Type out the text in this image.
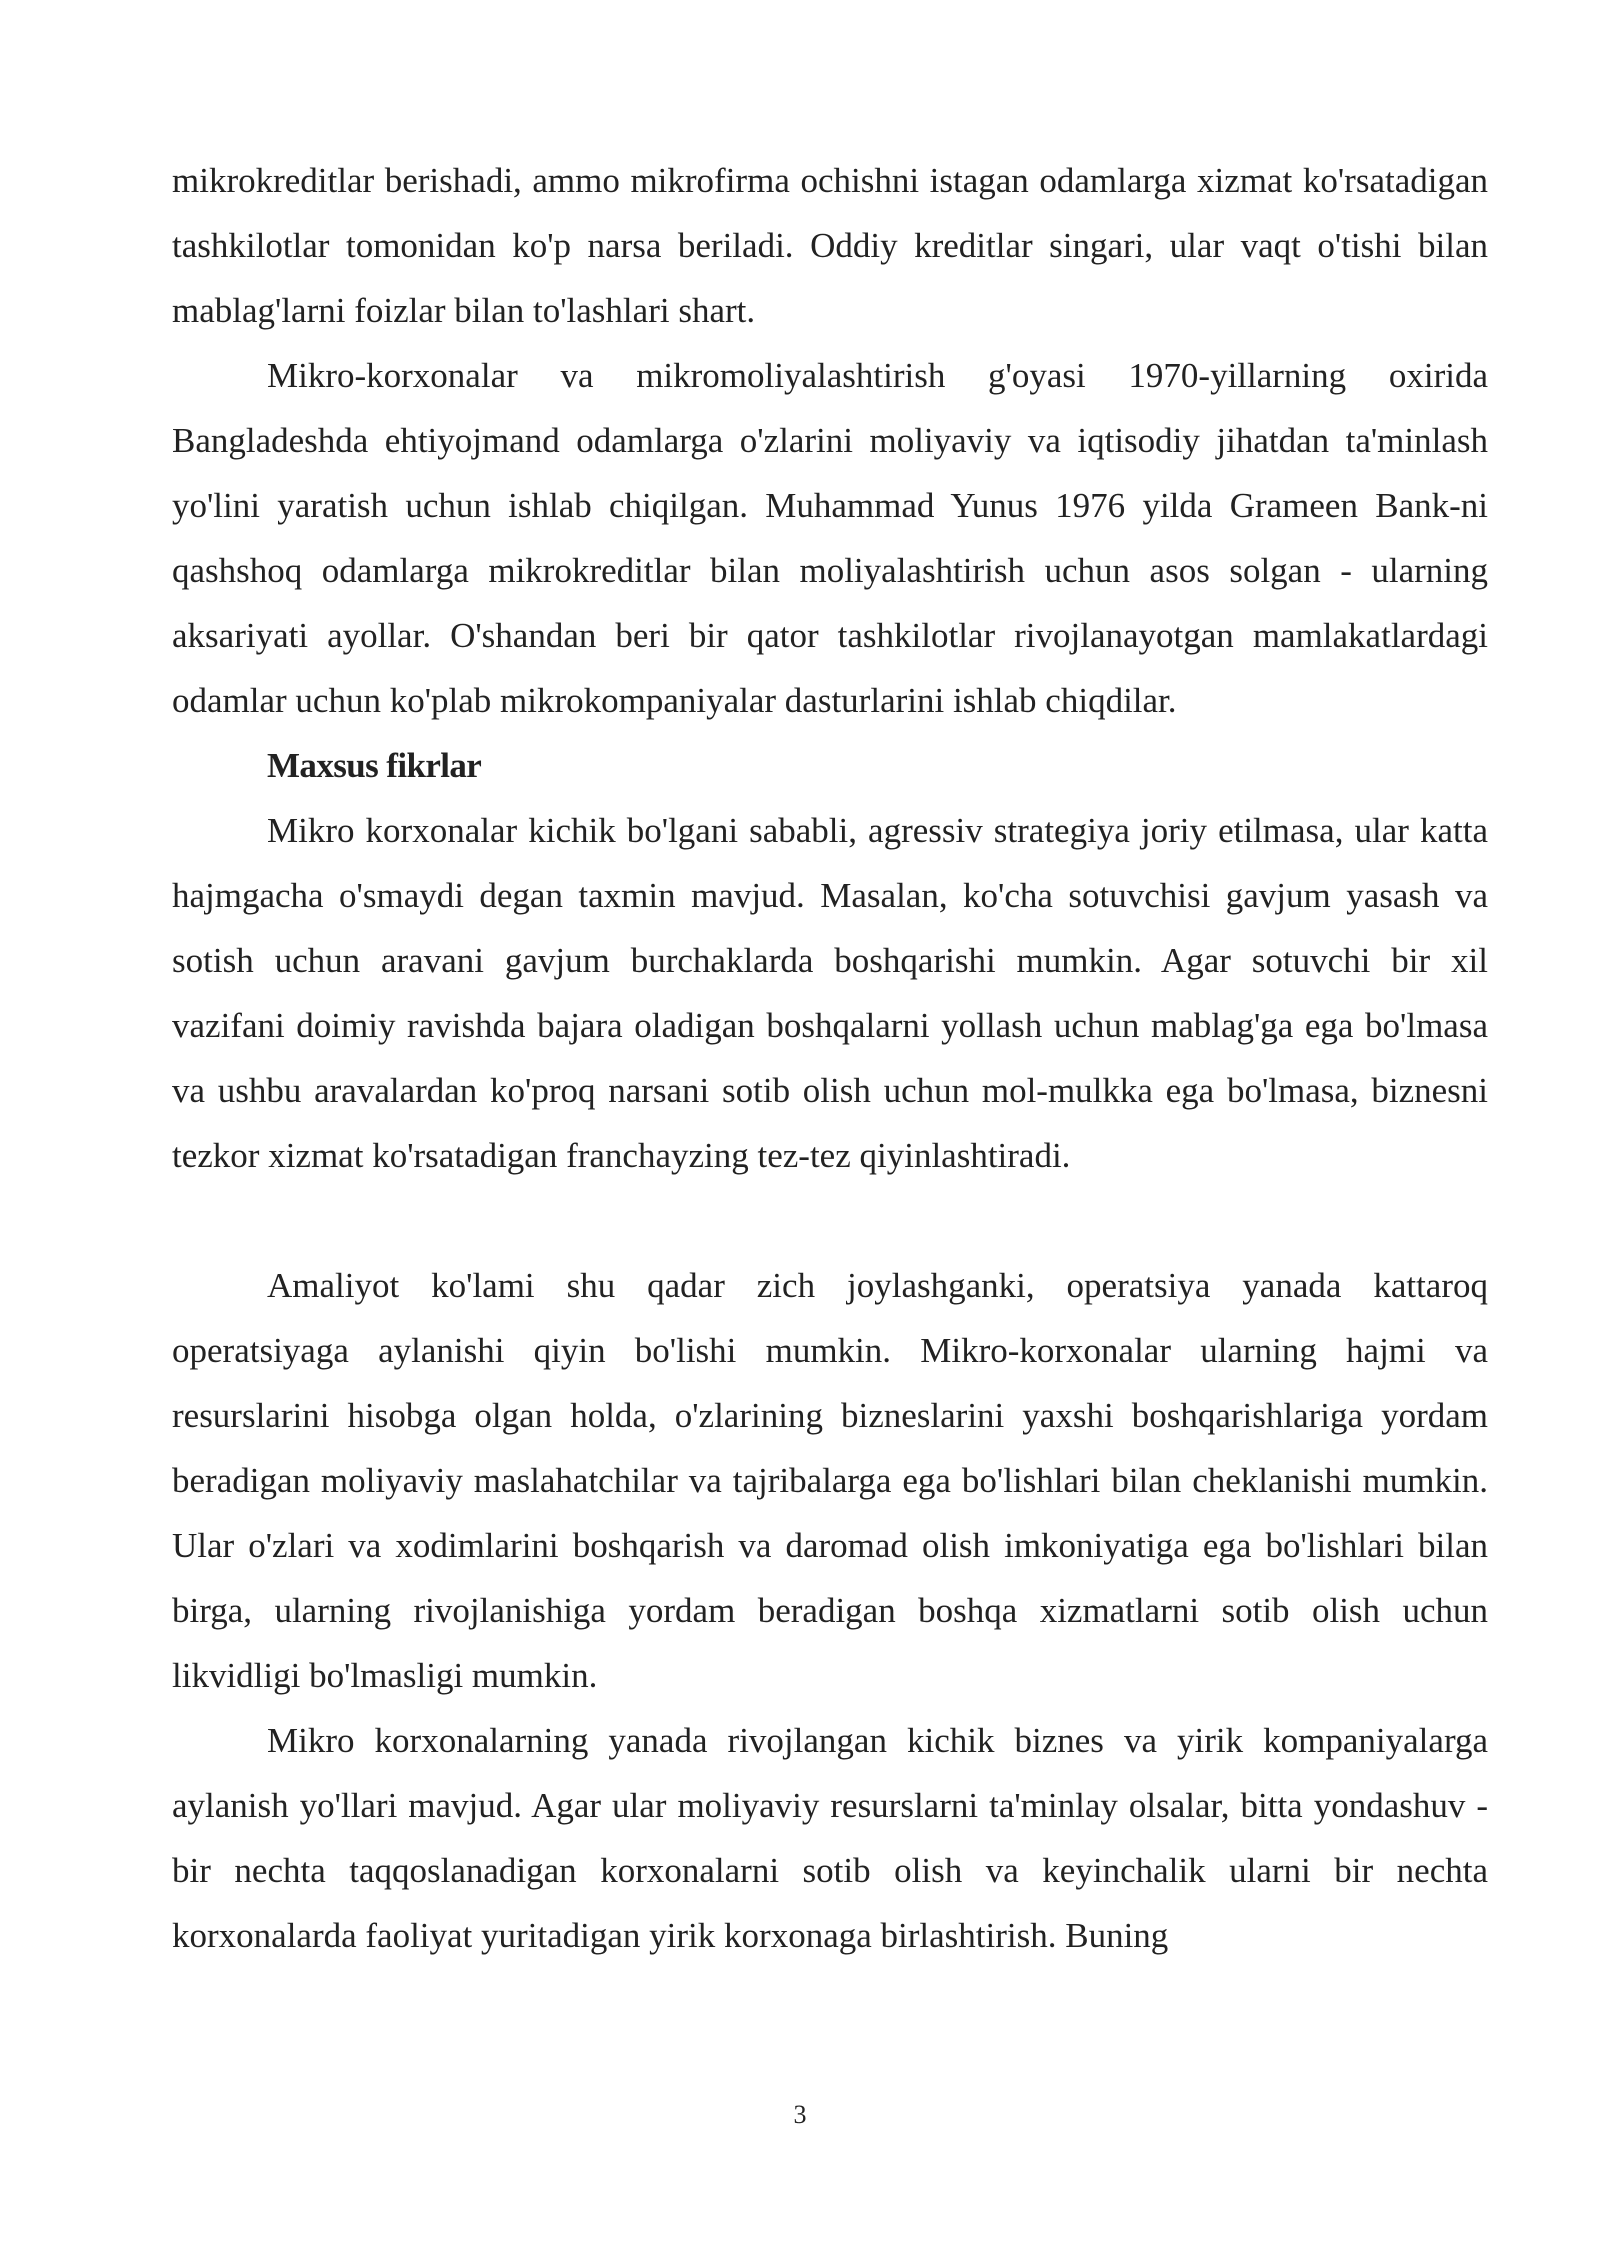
mikrokreditlar berishadi, ammo mikrofirma ochishni istagan odamlarga xizmat ko'rsatadigan tashkilotlar tomonidan ko'p narsa beriladi. Oddiy kreditlar singari, ular vaqt o'tishi bilan mablag'larni foizlar bilan to'lashlari shart.

Mikro-korxonalar va mikromoliyalashtirish g'oyasi 1970-yillarning oxirida Bangladeshda ehtiyojmand odamlarga o'zlarini moliyaviy va iqtisodiy jihatdan ta'minlash yo'lini yaratish uchun ishlab chiqilgan. Muhammad Yunus 1976 yilda Grameen Bank-ni qashshoq odamlarga mikrokreditlar bilan moliyalashtirish uchun asos solgan - ularning aksariyati ayollar. O'shandan beri bir qator tashkilotlar rivojlanayotgan mamlakatlardagi odamlar uchun ko'plab mikrokompaniyalar dasturlarini ishlab chiqdilar.

Maxsus fikrlar

Mikro korxonalar kichik bo'lgani sababli, agressiv strategiya joriy etilmasa, ular katta hajmgacha o'smaydi degan taxmin mavjud. Masalan, ko'cha sotuvchisi gavjum yasash va sotish uchun aravani gavjum burchaklarda boshqarishi mumkin. Agar sotuvchi bir xil vazifani doimiy ravishda bajara oladigan boshqalarni yollash uchun mablag'ga ega bo'lmasa va ushbu aravalardan ko'proq narsani sotib olish uchun mol-mulkka ega bo'lmasa, biznesni tezkor xizmat ko'rsatadigan franchayzing tez-tez qiyinlashtiradi.

Amaliyot ko'lami shu qadar zich joylashganki, operatsiya yanada kattaroq operatsiyaga aylanishi qiyin bo'lishi mumkin. Mikro-korxonalar ularning hajmi va resurslarini hisobga olgan holda, o'zlarining bizneslarini yaxshi boshqarishlariga yordam beradigan moliyaviy maslahatchilar va tajribalarga ega bo'lishlari bilan cheklanishi mumkin. Ular o'zlari va xodimlarini boshqarish va daromad olish imkoniyatiga ega bo'lishlari bilan birga, ularning rivojlanishiga yordam beradigan boshqa xizmatlarni sotib olish uchun likvidligi bo'lmasligi mumkin.

Mikro korxonalarning yanada rivojlangan kichik biznes va yirik kompaniyalarga aylanish yo'llari mavjud. Agar ular moliyaviy resurslarni ta'minlay olsalar, bitta yondashuv - bir nechta taqqoslanadigan korxonalarni sotib olish va keyinchalik ularni bir nechta korxonalarda faoliyat yuritadigan yirik korxonaga birlashtirish. Buning

3
